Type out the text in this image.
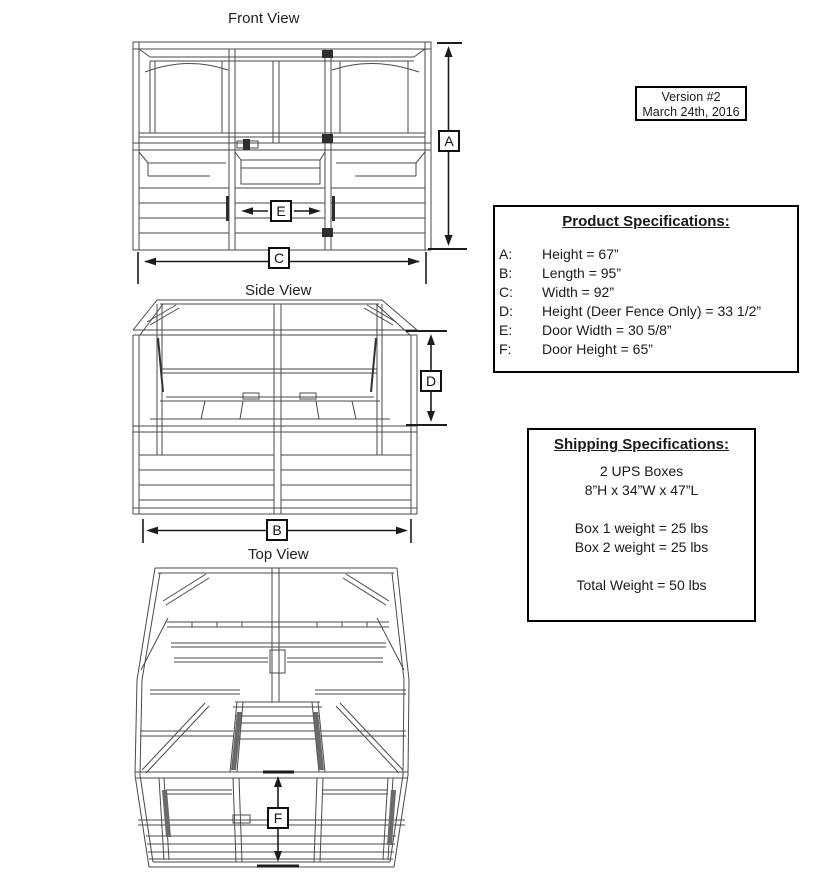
Front View
A
C
E
Side View
D
B
Top View
F
Version #2
March 24th, 2016
Product Specifications:
A: Height = 67”
B: Length = 95”
C: Width = 92”
D: Height (Deer Fence Only) = 33 1/2”
E: Door Width = 30 5/8”
F: Door Height = 65”
Shipping Specifications:
2 UPS Boxes
8”H x 34”W x 47”L
Box 1 weight = 25 lbs
Box 2 weight = 25 lbs
Total Weight = 50 lbs
